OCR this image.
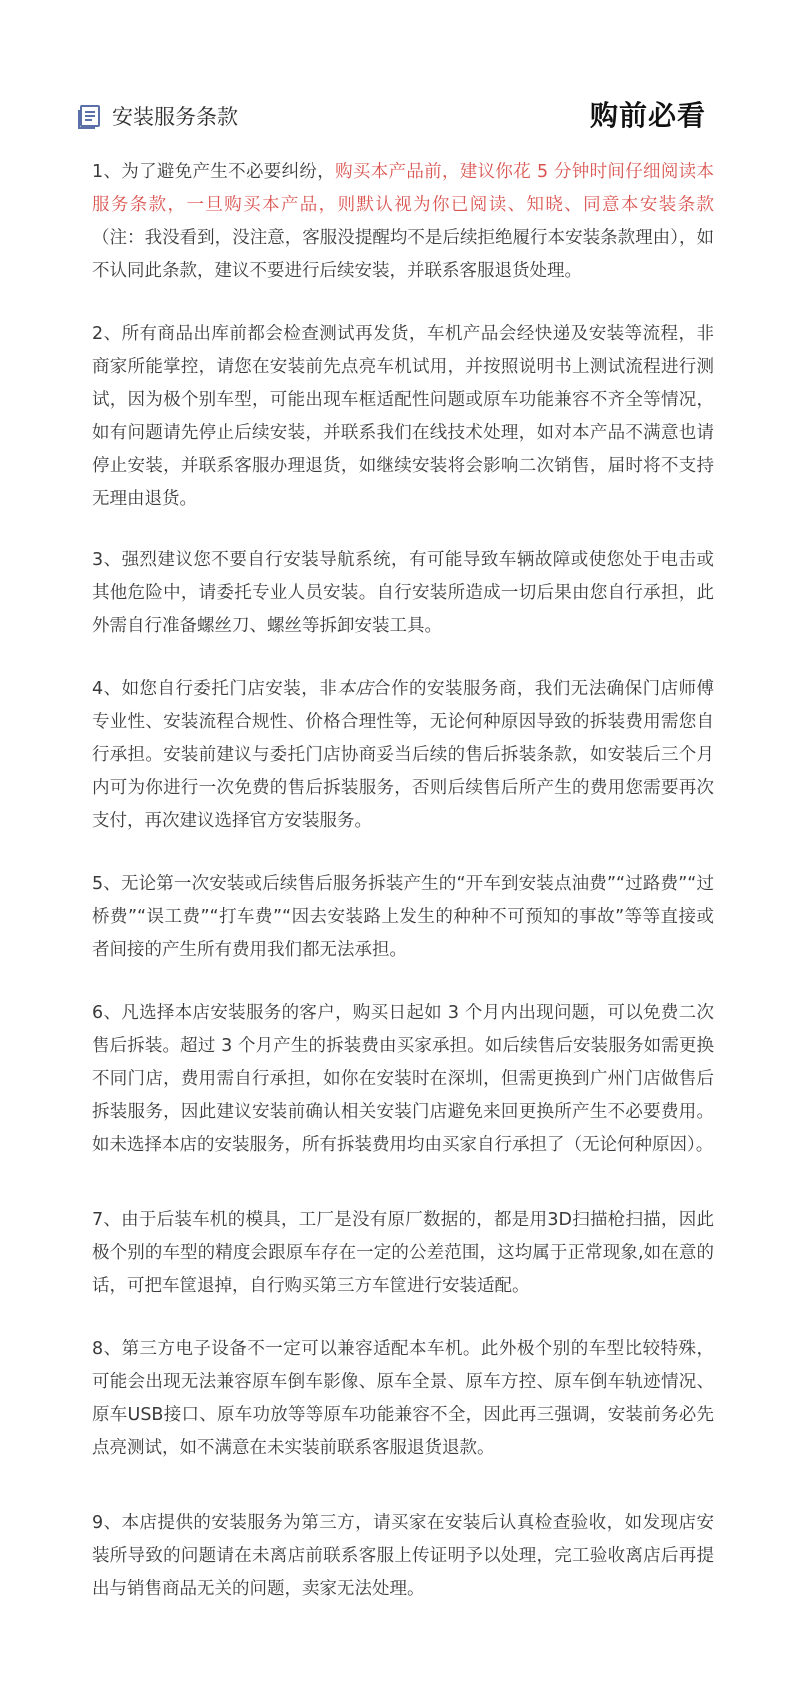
安装服务条款	购前必看

1、为了避免产生不必要纠纷，购买本产品前，建议你花 5 分钟时间仔细阅读本服务条款，一旦购买本产品，则默认视为你已阅读、知晓、同意本安装条款（注：我没看到，没注意，客服没提醒均不是后续拒绝履行本安装条款理由），如不认同此条款，建议不要进行后续安装，并联系客服退货处理。

2、所有商品出库前都会检查测试再发货，车机产品会经快递及安装等流程，非商家所能掌控，请您在安装前先点亮车机试用，并按照说明书上测试流程进行测试，因为极个别车型，可能出现车框适配性问题或原车功能兼容不齐全等情况，如有问题请先停止后续安装，并联系我们在线技术处理，如对本产品不满意也请停止安装，并联系客服办理退货，如继续安装将会影响二次销售，届时将不支持无理由退货。

3、强烈建议您不要自行安装导航系统，有可能导致车辆故障或使您处于电击或其他危险中，请委托专业人员安装。自行安装所造成一切后果由您自行承担，此外需自行准备螺丝刀、螺丝等拆卸安装工具。

4、如您自行委托门店安装，非本店合作的安装服务商，我们无法确保门店师傅专业性、安装流程合规性、价格合理性等，无论何种原因导致的拆装费用需您自行承担。安装前建议与委托门店协商妥当后续的售后拆装条款，如安装后三个月内可为你进行一次免费的售后拆装服务，否则后续售后所产生的费用您需要再次支付，再次建议选择官方安装服务。

5、无论第一次安装或后续售后服务拆装产生的“开车到安装点油费”“过路费”“过桥费”“误工费”“打车费”“因去安装路上发生的种种不可预知的事故”等等直接或者间接的产生所有费用我们都无法承担。

6、凡选择本店安装服务的客户，购买日起如 3 个月内出现问题，可以免费二次售后拆装。超过 3 个月产生的拆装费由买家承担。如后续售后安装服务如需更换不同门店，费用需自行承担，如你在安装时在深圳，但需更换到广州门店做售后拆装服务，因此建议安装前确认相关安装门店避免来回更换所产生不必要费用。如未选择本店的安装服务，所有拆装费用均由买家自行承担了（无论何种原因）。

7、由于后装车机的模具，工厂是没有原厂数据的，都是用3D扫描枪扫描，因此极个别的车型的精度会跟原车存在一定的公差范围，这均属于正常现象,如在意的话，可把车筐退掉，自行购买第三方车筐进行安装适配。

8、第三方电子设备不一定可以兼容适配本车机。此外极个别的车型比较特殊，可能会出现无法兼容原车倒车影像、原车全景、原车方控、原车倒车轨迹情况、原车USB接口、原车功放等等原车功能兼容不全，因此再三强调，安装前务必先点亮测试，如不满意在未实装前联系客服退货退款。

9、本店提供的安装服务为第三方，请买家在安装后认真检查验收，如发现店安装所导致的问题请在未离店前联系客服上传证明予以处理，完工验收离店后再提出与销售商品无关的问题，卖家无法处理。
